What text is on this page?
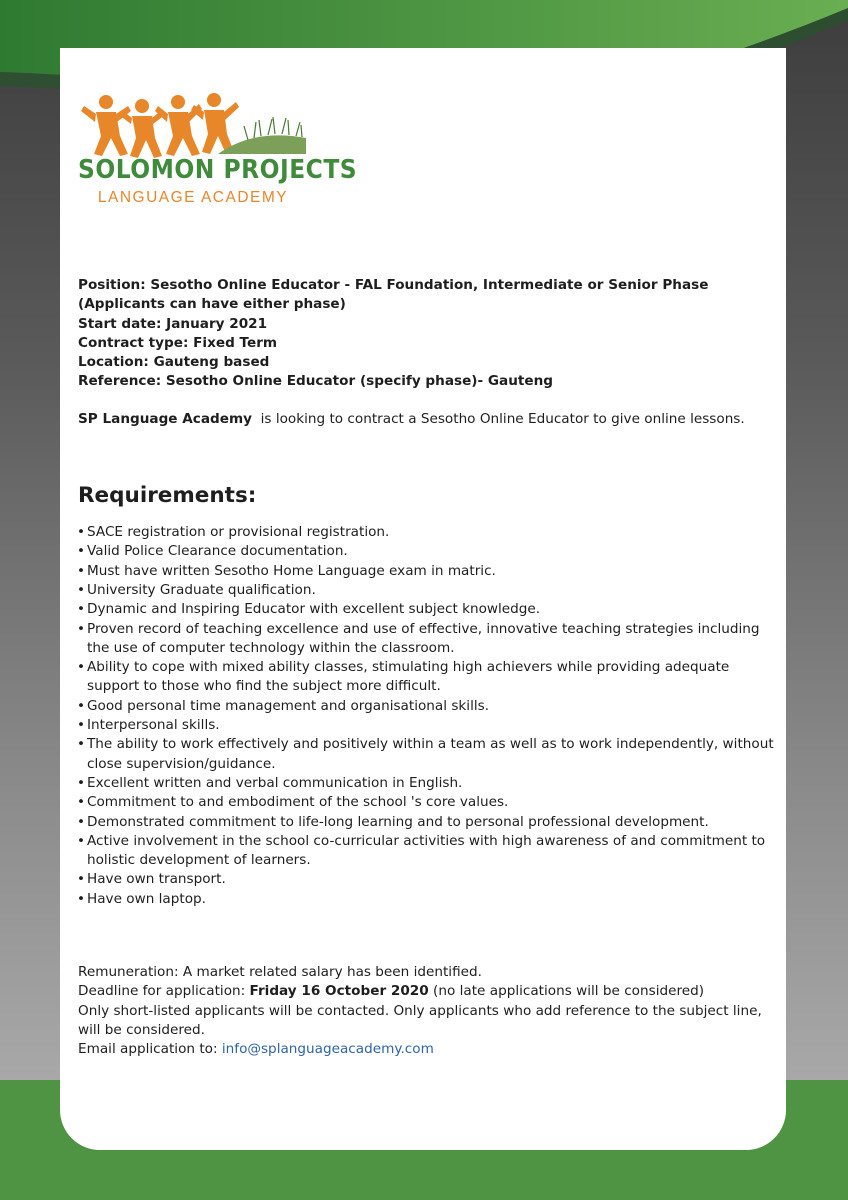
SOLOMON PROJECTS
LANGUAGE ACADEMY
Position: Sesotho Online Educator - FAL Foundation, Intermediate or Senior Phase
(Applicants can have either phase)
Start date: January 2021
Contract type: Fixed Term
Location: Gauteng based
Reference: Sesotho Online Educator (specify phase)- Gauteng
SP Language Academy  is looking to contract a Sesotho Online Educator to give online lessons.
Requirements:
• SACE registration or provisional registration.
• Valid Police Clearance documentation.
• Must have written Sesotho Home Language exam in matric.
• University Graduate qualification.
• Dynamic and Inspiring Educator with excellent subject knowledge.
• Proven record of teaching excellence and use of effective, innovative teaching strategies including the use of computer technology within the classroom.
• Ability to cope with mixed ability classes, stimulating high achievers while providing adequate support to those who find the subject more difficult.
• Good personal time management and organisational skills.
• Interpersonal skills.
• The ability to work effectively and positively within a team as well as to work independently, without close supervision/guidance.
• Excellent written and verbal communication in English.
• Commitment to and embodiment of the school 's core values.
• Demonstrated commitment to life-long learning and to personal professional development.
• Active involvement in the school co-curricular activities with high awareness of and commitment to holistic development of learners.
• Have own transport.
• Have own laptop.
Remuneration: A market related salary has been identified.
Deadline for application: Friday 16 October 2020 (no late applications will be considered)
Only short-listed applicants will be contacted. Only applicants who add reference to the subject line, will be considered.
Email application to: info@splanguageacademy.com
